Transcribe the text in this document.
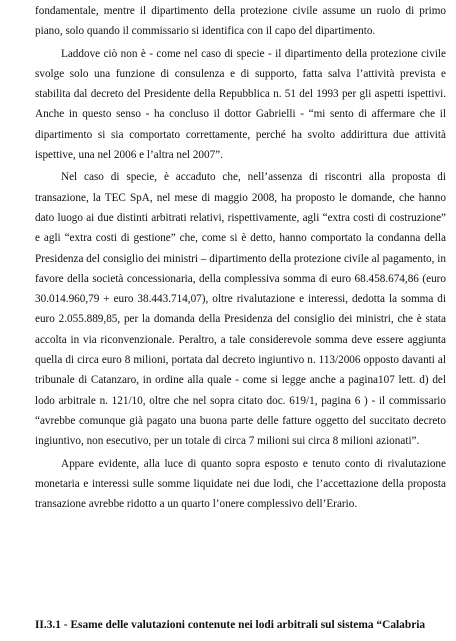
fondamentale, mentre il dipartimento della protezione civile assume un ruolo di primo piano, solo quando il commissario si identifica con il capo del dipartimento.

Laddove ciò non è - come nel caso di specie - il dipartimento della protezione civile svolge solo una funzione di consulenza e di supporto, fatta salva l’attività prevista e stabilita dal decreto del Presidente della Repubblica n. 51 del 1993 per gli aspetti ispettivi. Anche in questo senso - ha concluso il dottor Gabrielli - “mi sento di affermare che il dipartimento si sia comportato correttamente, perché ha svolto addirittura due attività ispettive, una nel 2006 e l’altra nel 2007”.

Nel caso di specie, è accaduto che, nell’assenza di riscontri alla proposta di transazione, la TEC SpA, nel mese di maggio 2008, ha proposto le domande, che hanno dato luogo ai due distinti arbitrati relativi, rispettivamente, agli “extra costi di costruzione” e agli “extra costi di gestione” che, come si è detto, hanno comportato la condanna della Presidenza del consiglio dei ministri – dipartimento della protezione civile al pagamento, in favore della società concessionaria, della complessiva somma di euro 68.458.674,86 (euro 30.014.960,79 + euro 38.443.714,07), oltre rivalutazione e interessi, dedotta la somma di euro 2.055.889,85, per la domanda della Presidenza del consiglio dei ministri, che è stata accolta in via riconvenzionale. Peraltro, a tale considerevole somma deve essere aggiunta quella di circa euro 8 milioni, portata dal decreto ingiuntivo n. 113/2006 opposto davanti al tribunale di Catanzaro, in ordine alla quale - come si legge anche a pagina107 lett. d) del lodo arbitrale n. 121/10, oltre che nel sopra citato doc. 619/1, pagina 6 ) - il commissario “avrebbe comunque già pagato una buona parte delle fatture oggetto del succitato decreto ingiuntivo, non esecutivo, per un totale di circa 7 milioni sui circa 8 milioni azionati”.

Appare evidente, alla luce di quanto sopra esposto e tenuto conto di rivalutazione monetaria e interessi sulle somme liquidate nei due lodi, che l’accettazione della proposta transazione avrebbe ridotto a un quarto l’onere complessivo dell’Erario.

II.3.1 - Esame delle valutazioni contenute nei lodi arbitrali sul sistema “Calabria
